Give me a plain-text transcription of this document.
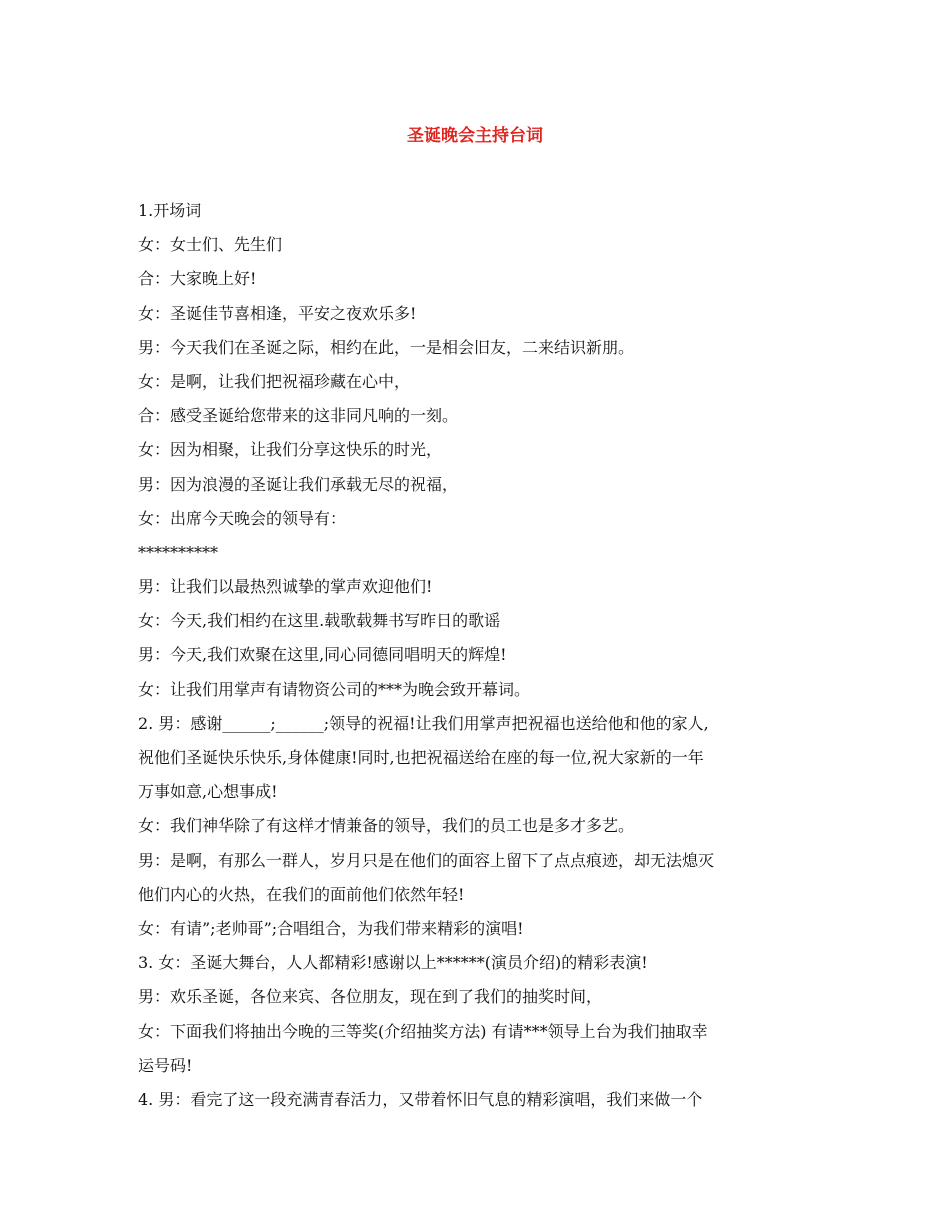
圣诞晚会主持台词

1.开场词

女：女士们、先生们

合：大家晚上好!

女：圣诞佳节喜相逢，平安之夜欢乐多!

男：今天我们在圣诞之际，相约在此，一是相会旧友，二来结识新朋。

女：是啊，让我们把祝福珍藏在心中，

合：感受圣诞给您带来的这非同凡响的一刻。

女：因为相聚，让我们分享这快乐的时光，

男：因为浪漫的圣诞让我们承载无尽的祝福，

女：出席今天晚会的领导有：

**********

男：让我们以最热烈诚挚的掌声欢迎他们!

女：今天,我们相约在这里.载歌载舞书写昨日的歌谣

男：今天,我们欢聚在这里,同心同德同唱明天的辉煌!

女：让我们用掌声有请物资公司的***为晚会致开幕词。

2. 男：感谢______;______;领导的祝福!让我们用掌声把祝福也送给他和他的家人,

祝他们圣诞快乐快乐,身体健康!同时,也把祝福送给在座的每一位,祝大家新的一年

万事如意,心想事成!

女：我们神华除了有这样才情兼备的领导，我们的员工也是多才多艺。

男：是啊，有那么一群人，岁月只是在他们的面容上留下了点点痕迹，却无法熄灭

他们内心的火热，在我们的面前他们依然年轻!

女：有请”;老帅哥”;合唱组合，为我们带来精彩的演唱!

3. 女：圣诞大舞台，人人都精彩!感谢以上******(演员介绍)的精彩表演!

男：欢乐圣诞，各位来宾、各位朋友，现在到了我们的抽奖时间，

女：下面我们将抽出今晚的三等奖(介绍抽奖方法) 有请***领导上台为我们抽取幸

运号码!

4. 男：看完了这一段充满青春活力，又带着怀旧气息的精彩演唱，我们来做一个
